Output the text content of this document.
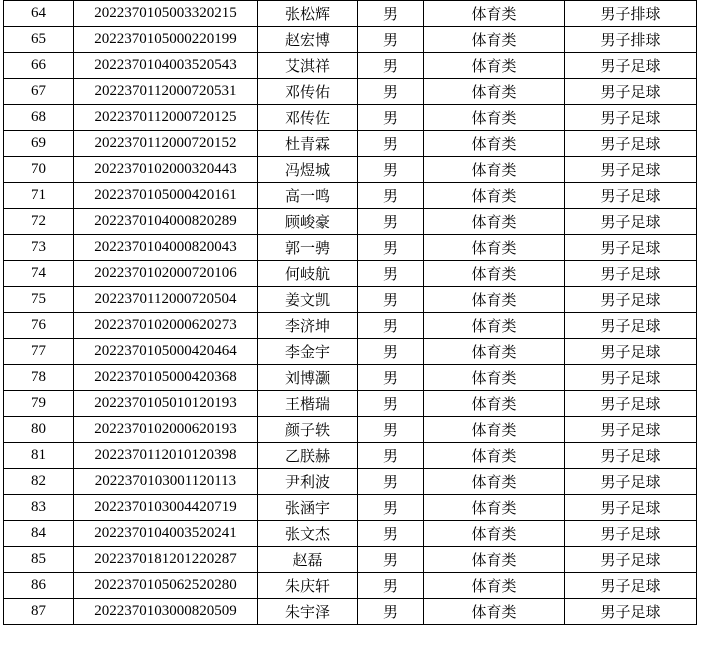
64	2022370105003320215	张松辉	男	体育类	男子排球
65	2022370105000220199	赵宏博	男	体育类	男子排球
66	2022370104003520543	艾淇祥	男	体育类	男子足球
67	2022370112000720531	邓传佑	男	体育类	男子足球
68	2022370112000720125	邓传佐	男	体育类	男子足球
69	2022370112000720152	杜青霖	男	体育类	男子足球
70	2022370102000320443	冯煜城	男	体育类	男子足球
71	2022370105000420161	高一鸣	男	体育类	男子足球
72	2022370104000820289	顾峻豪	男	体育类	男子足球
73	2022370104000820043	郭一骋	男	体育类	男子足球
74	2022370102000720106	何岐航	男	体育类	男子足球
75	2022370112000720504	姜文凯	男	体育类	男子足球
76	2022370102000620273	李济坤	男	体育类	男子足球
77	2022370105000420464	李金宇	男	体育类	男子足球
78	2022370105000420368	刘博灏	男	体育类	男子足球
79	2022370105010120193	王楷瑞	男	体育类	男子足球
80	2022370102000620193	颜子轶	男	体育类	男子足球
81	2022370112010120398	乙朕赫	男	体育类	男子足球
82	2022370103001120113	尹利波	男	体育类	男子足球
83	2022370103004420719	张涵宇	男	体育类	男子足球
84	2022370104003520241	张文杰	男	体育类	男子足球
85	2022370181201220287	赵磊	男	体育类	男子足球
86	2022370105062520280	朱庆轩	男	体育类	男子足球
87	2022370103000820509	朱宇泽	男	体育类	男子足球
